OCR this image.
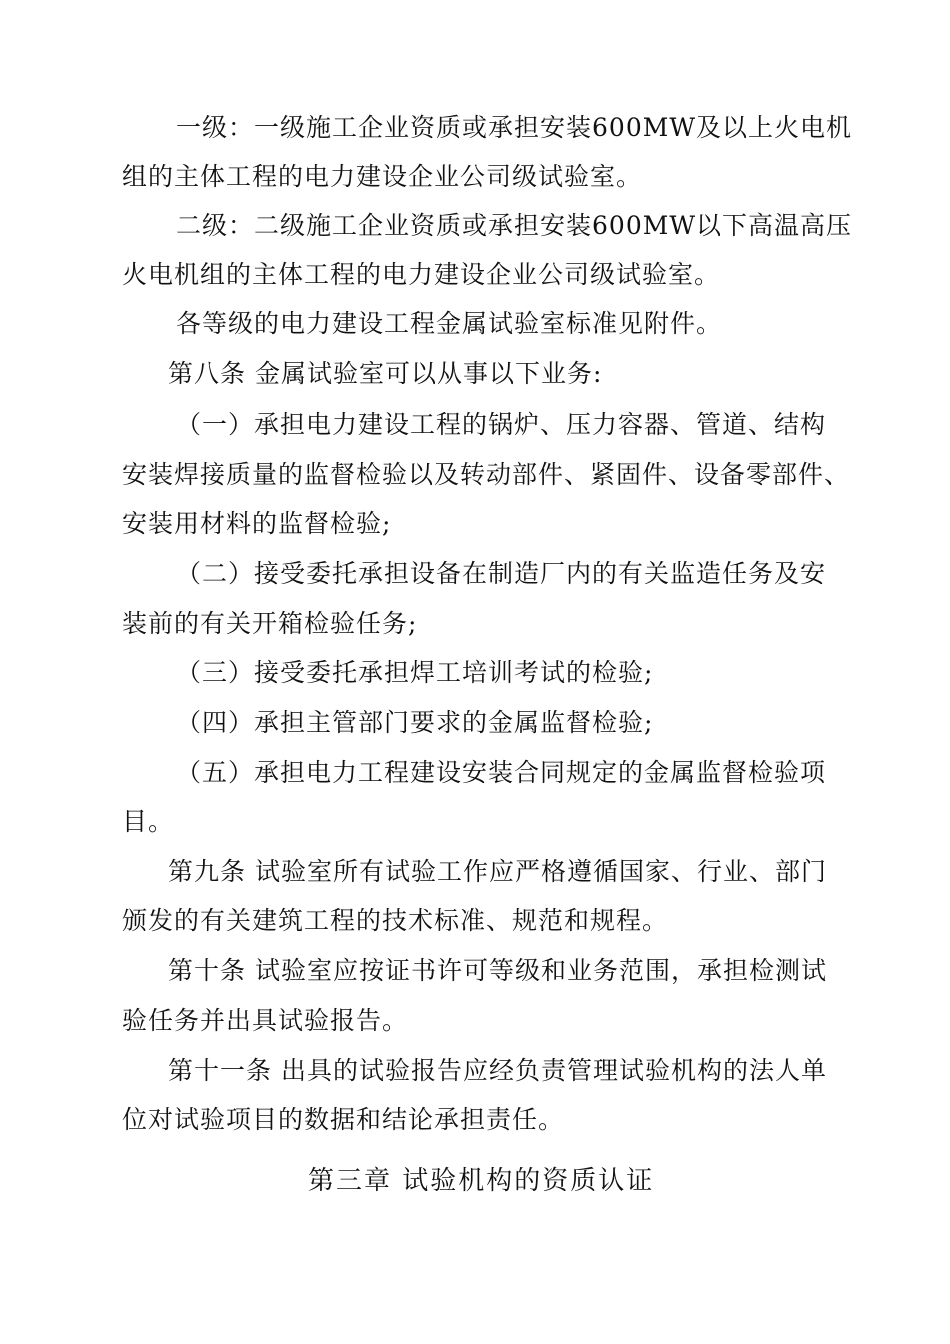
一级：一级施工企业资质或承担安装600MW及以上火电机
组的主体工程的电力建设企业公司级试验室。
二级：二级施工企业资质或承担安装600MW以下高温高压
火电机组的主体工程的电力建设企业公司级试验室。
各等级的电力建设工程金属试验室标准见附件。
第八条 金属试验室可以从事以下业务:
（一）承担电力建设工程的锅炉、压力容器、管道、结构
安装焊接质量的监督检验以及转动部件、紧固件、设备零部件、
安装用材料的监督检验;
（二）接受委托承担设备在制造厂内的有关监造任务及安
装前的有关开箱检验任务;
（三）接受委托承担焊工培训考试的检验;
（四）承担主管部门要求的金属监督检验;
（五）承担电力工程建设安装合同规定的金属监督检验项
目。
第九条 试验室所有试验工作应严格遵循国家、行业、部门
颁发的有关建筑工程的技术标准、规范和规程。
第十条 试验室应按证书许可等级和业务范围，承担检测试
验任务并出具试验报告。
第十一条 出具的试验报告应经负责管理试验机构的法人单
位对试验项目的数据和结论承担责任。
第三章 试验机构的资质认证
